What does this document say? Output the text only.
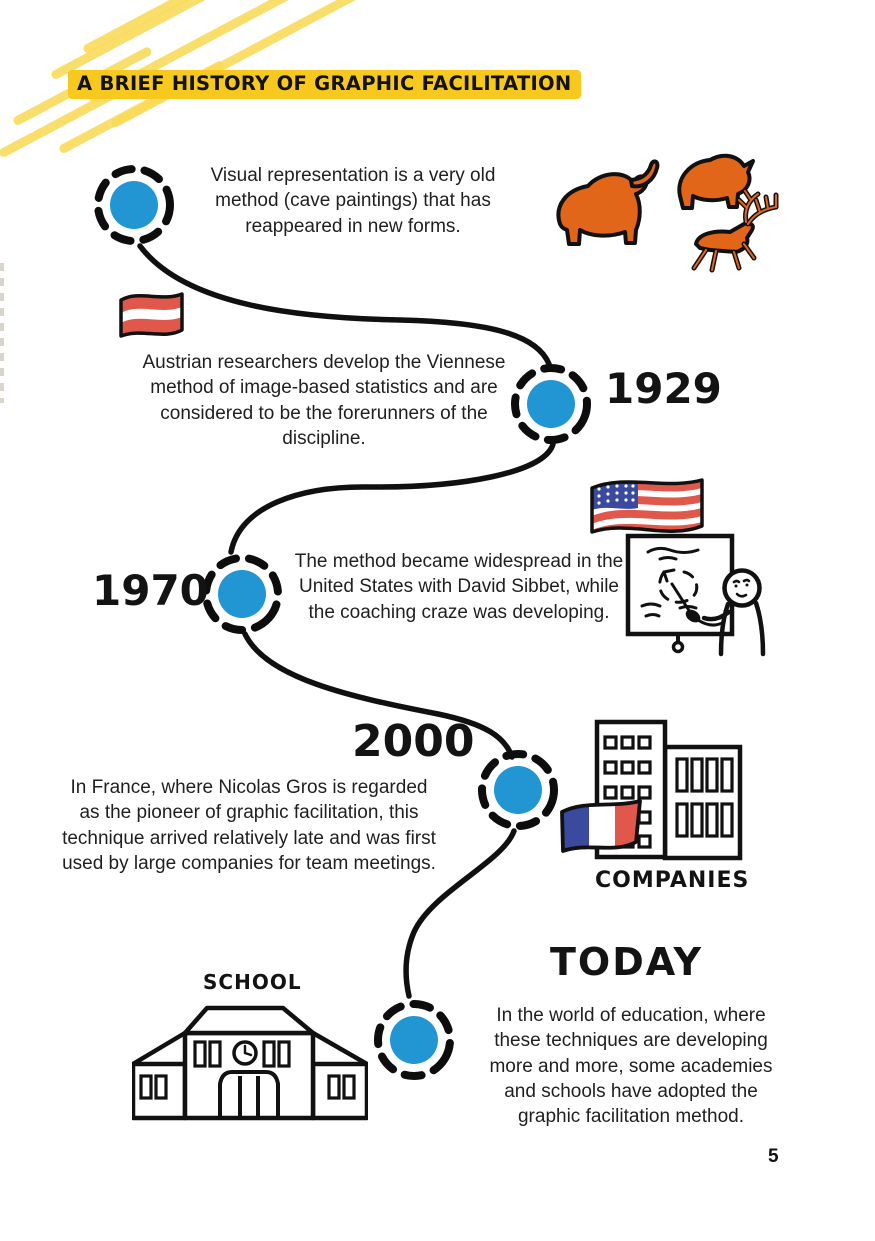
A BRIEF HISTORY OF GRAPHIC FACILITATION
Visual representation is a very old method (cave paintings) that has reappeared in new forms.
Austrian researchers develop the Viennese method of image-based statistics and are considered to be the forerunners of the discipline.
1929
1970
The method became widespread in the United States with David Sibbet, while the coaching craze was developing.
2000
In France, where Nicolas Gros is regarded as the pioneer of graphic facilitation, this technique arrived relatively late and was first used by large companies for team meetings.
COMPANIES
SCHOOL	TODAY
In the world of education, where these techniques are developing more and more, some academies and schools have adopted the graphic facilitation method.
5
